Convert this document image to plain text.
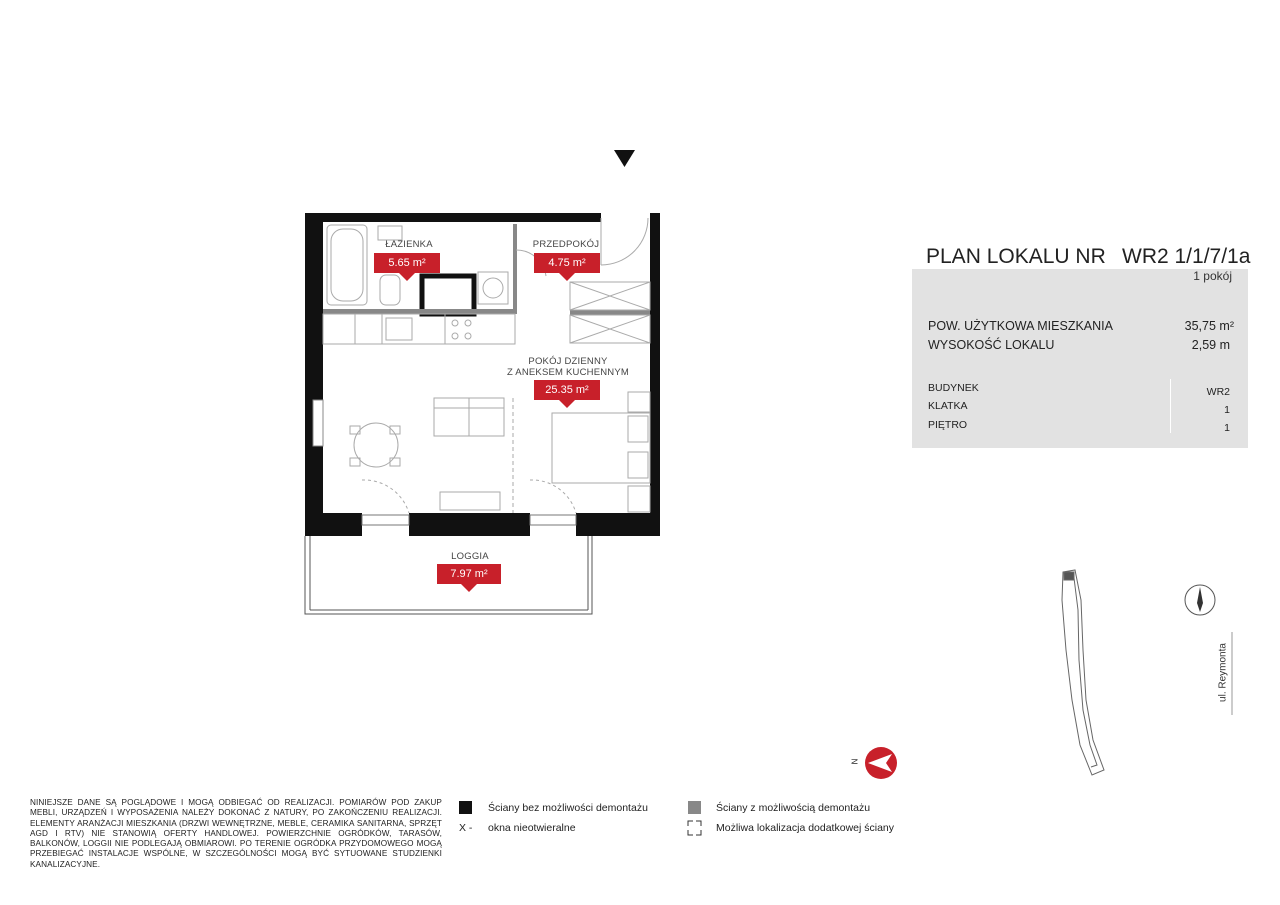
ŁAZIENKA
5.65 m²
PRZEDPOKÓJ
4.75 m²
POKÓJ DZIENNY
Z ANEKSEM KUCHENNYM
25.35 m²
LOGGIA
7.97 m²
PLAN LOKALU NR WR2 1/1/7/1a
1 pokój
POW. UŻYTKOWA MIESZKANIA	35,75 m²
WYSOKOŚĆ LOKALU	2,59 m
BUDYNEK	WR2
KLATKA	1
PIĘTRO	1
ul. Reymonta
N
Ściany bez możliwości demontażu
X - okna nieotwieralne
Ściany z możliwością demontażu
Możliwa lokalizacja dodatkowej ściany
NINIEJSZE DANE SĄ POGLĄDOWE I MOGĄ ODBIEGAĆ OD REALIZACJI. POMIARÓW POD ZAKUP MEBLI, URZĄDZEŃ I WYPOSAŻENIA NALEŻY DOKONAĆ Z NATURY, PO ZAKOŃCZENIU REALIZACJI. ELEMENTY ARANŻACJI MIESZKANIA (DRZWI WEWNĘTRZNE, MEBLE, CERAMIKA SANITARNA, SPRZĘT AGD I RTV) NIE STANOWIĄ OFERTY HANDLOWEJ. POWIERZCHNIE OGRÓDKÓW, TARASÓW, BALKONÓW, LOGGII NIE PODLEGAJĄ OBMIAROWI. PO TERENIE OGRÓDKA PRZYDOMOWEGO MOGĄ PRZEBIEGAĆ INSTALACJE WSPÓLNE, W SZCZEGÓLNOŚCI MOGĄ BYĆ SYTUOWANE STUDZIENKI KANALIZACYJNE.
